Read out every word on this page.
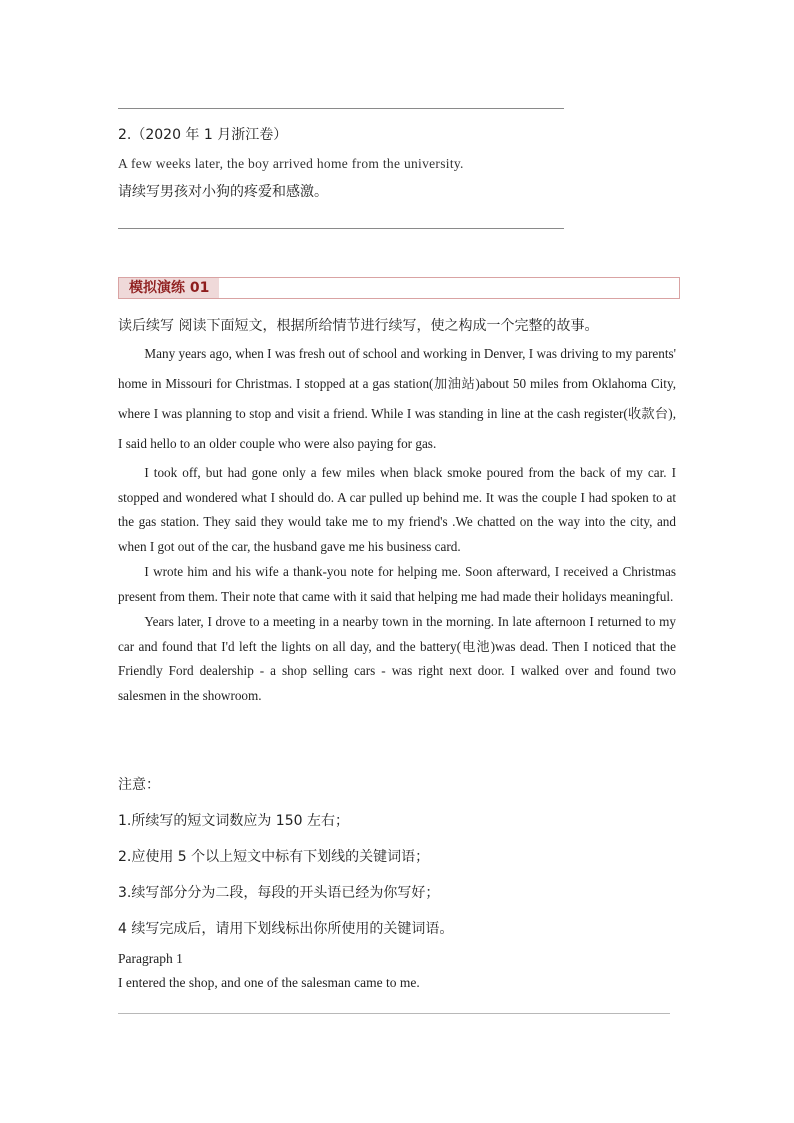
2.（2020 年 1 月浙江卷）
A few weeks later, the boy arrived home from the university.
请续写男孩对小狗的疼爱和感激。
模拟演练 01
读后续写 阅读下面短文，根据所给情节进行续写，使之构成一个完整的故事。

Many years ago, when I was fresh out of school and working in Denver, I was driving to my parents' home in Missouri for Christmas. I stopped at a gas station(加油站)about 50 miles from Oklahoma City, where I was planning to stop and visit a friend. While I was standing in line at the cash register(收款台), I said hello to an older couple who were also paying for gas.

I took off, but had gone only a few miles when black smoke poured from the back of my car. I stopped and wondered what I should do. A car pulled up behind me. It was the couple I had spoken to at the gas station. They said they would take me to my friend's .We chatted on the way into the city, and when I got out of the car, the husband gave me his business card.

I wrote him and his wife a thank-you note for helping me. Soon afterward, I received a Christmas present from them. Their note that came with it said that helping me had made their holidays meaningful.

Years later, I drove to a meeting in a nearby town in the morning. In late afternoon I returned to my car and found that I'd left the lights on all day, and the battery(电池)was dead. Then I noticed that the Friendly Ford dealership - a shop selling cars - was right next door. I walked over and found two salesmen in the showroom.

注意：
1.所续写的短文词数应为 150 左右；
2.应使用 5 个以上短文中标有下划线的关键词语；
3.续写部分分为二段，每段的开头语已经为你写好；
4 续写完成后，请用下划线标出你所使用的关键词语。
Paragraph 1
I entered the shop, and one of the salesman came to me.
